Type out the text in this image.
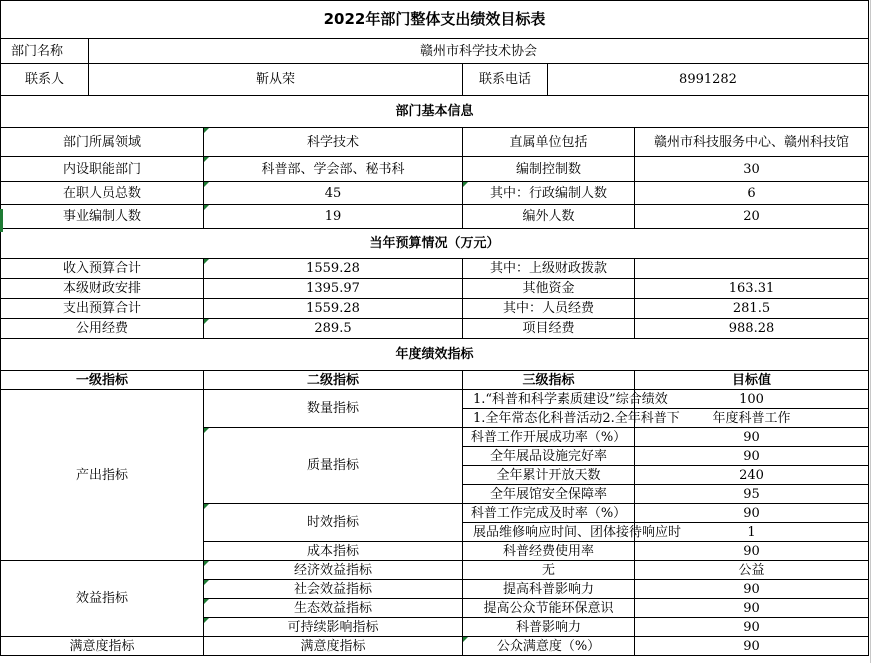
2022年部门整体支出绩效目标表					
部门名称	赣州市科学技术协会				
联系人	靳从荣		联系电话	8991282	
部门基本信息					
部门所属领域		科学技术	直属单位包括		赣州市科技服务中心、赣州科技馆
内设职能部门		科普部、学会部、秘书科	编制控制数		30
在职人员总数		45	其中：行政编制人数		6
事业编制人数		19	编外人数		20
当年预算情况（万元）					
收入预算合计		1559.28	其中：上级财政拨款		
本级财政安排		1395.97	其他资金		163.31
支出预算合计		1559.28	其中：人员经费		281.5
公用经费		289.5	项目经费		988.28
年度绩效指标					
一级指标		二级指标	三级指标		目标值
产出指标		数量指标	1.“科普和科学素质建设”综合绩效		100
			1.全年常态化科普活动2.全年科普下		年度科普工作
		质量指标	科普工作开展成功率（%）		90
			全年展品设施完好率		90
			全年累计开放天数		240
			全年展馆安全保障率		95
		时效指标	科普工作完成及时率（%）		90
			展品维修响应时间、团体接待响应时		1
		成本指标	科普经费使用率		90
效益指标		经济效益指标	无		公益
		社会效益指标	提高科普影响力		90
		生态效益指标	提高公众节能环保意识		90
		可持续影响指标	科普影响力		90
满意度指标		满意度指标	公众满意度（%）		90
